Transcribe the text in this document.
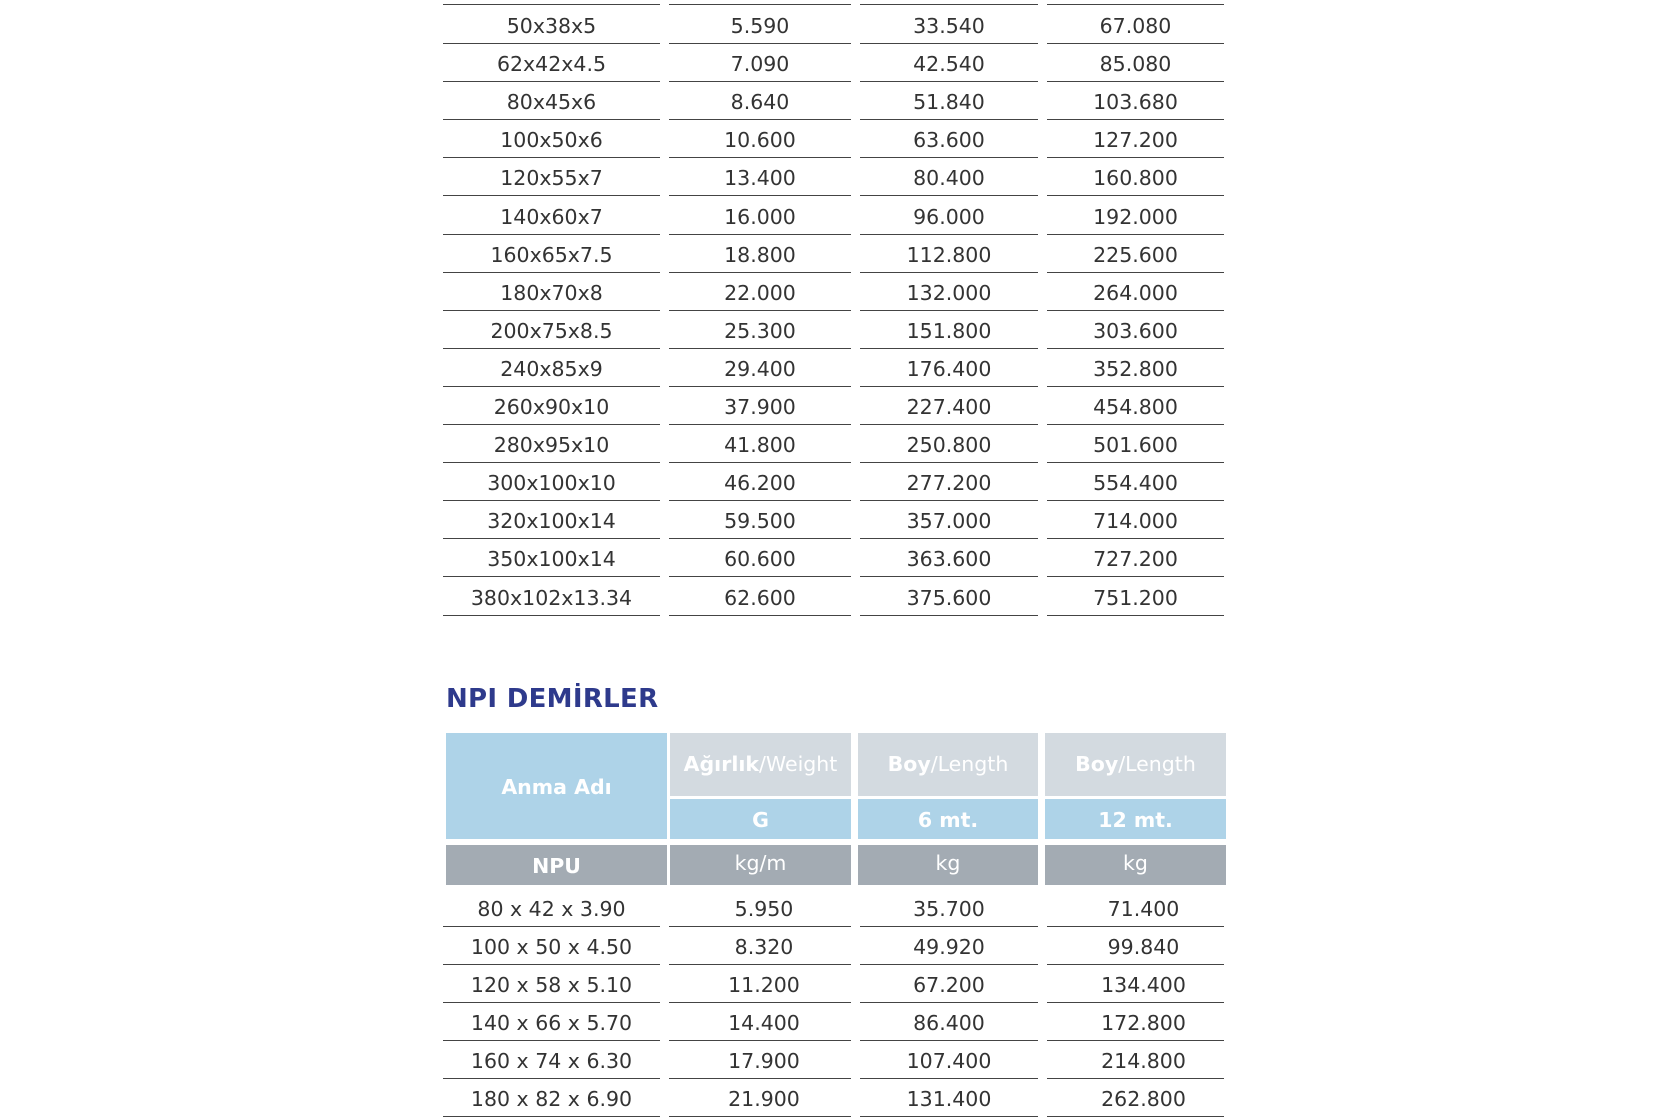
50x38x5	5.590	33.540	67.080
62x42x4.5	7.090	42.540	85.080
80x45x6	8.640	51.840	103.680
100x50x6	10.600	63.600	127.200
120x55x7	13.400	80.400	160.800
140x60x7	16.000	96.000	192.000
160x65x7.5	18.800	112.800	225.600
180x70x8	22.000	132.000	264.000
200x75x8.5	25.300	151.800	303.600
240x85x9	29.400	176.400	352.800
260x90x10	37.900	227.400	454.800
280x95x10	41.800	250.800	501.600
300x100x10	46.200	277.200	554.400
320x100x14	59.500	357.000	714.000
350x100x14	60.600	363.600	727.200
380x102x13.34	62.600	375.600	751.200
NPI DEMİRLER
Anma Adı
Ağırlık/Weight	Boy/Length	Boy/Length
G	6 mt.	12 mt.
NPU	kg/m	kg	kg
80 x 42 x 3.90	5.950	35.700	71.400
100 x 50 x 4.50	8.320	49.920	99.840
120 x 58 x 5.10	11.200	67.200	134.400
140 x 66 x 5.70	14.400	86.400	172.800
160 x 74 x 6.30	17.900	107.400	214.800
180 x 82 x 6.90	21.900	131.400	262.800
